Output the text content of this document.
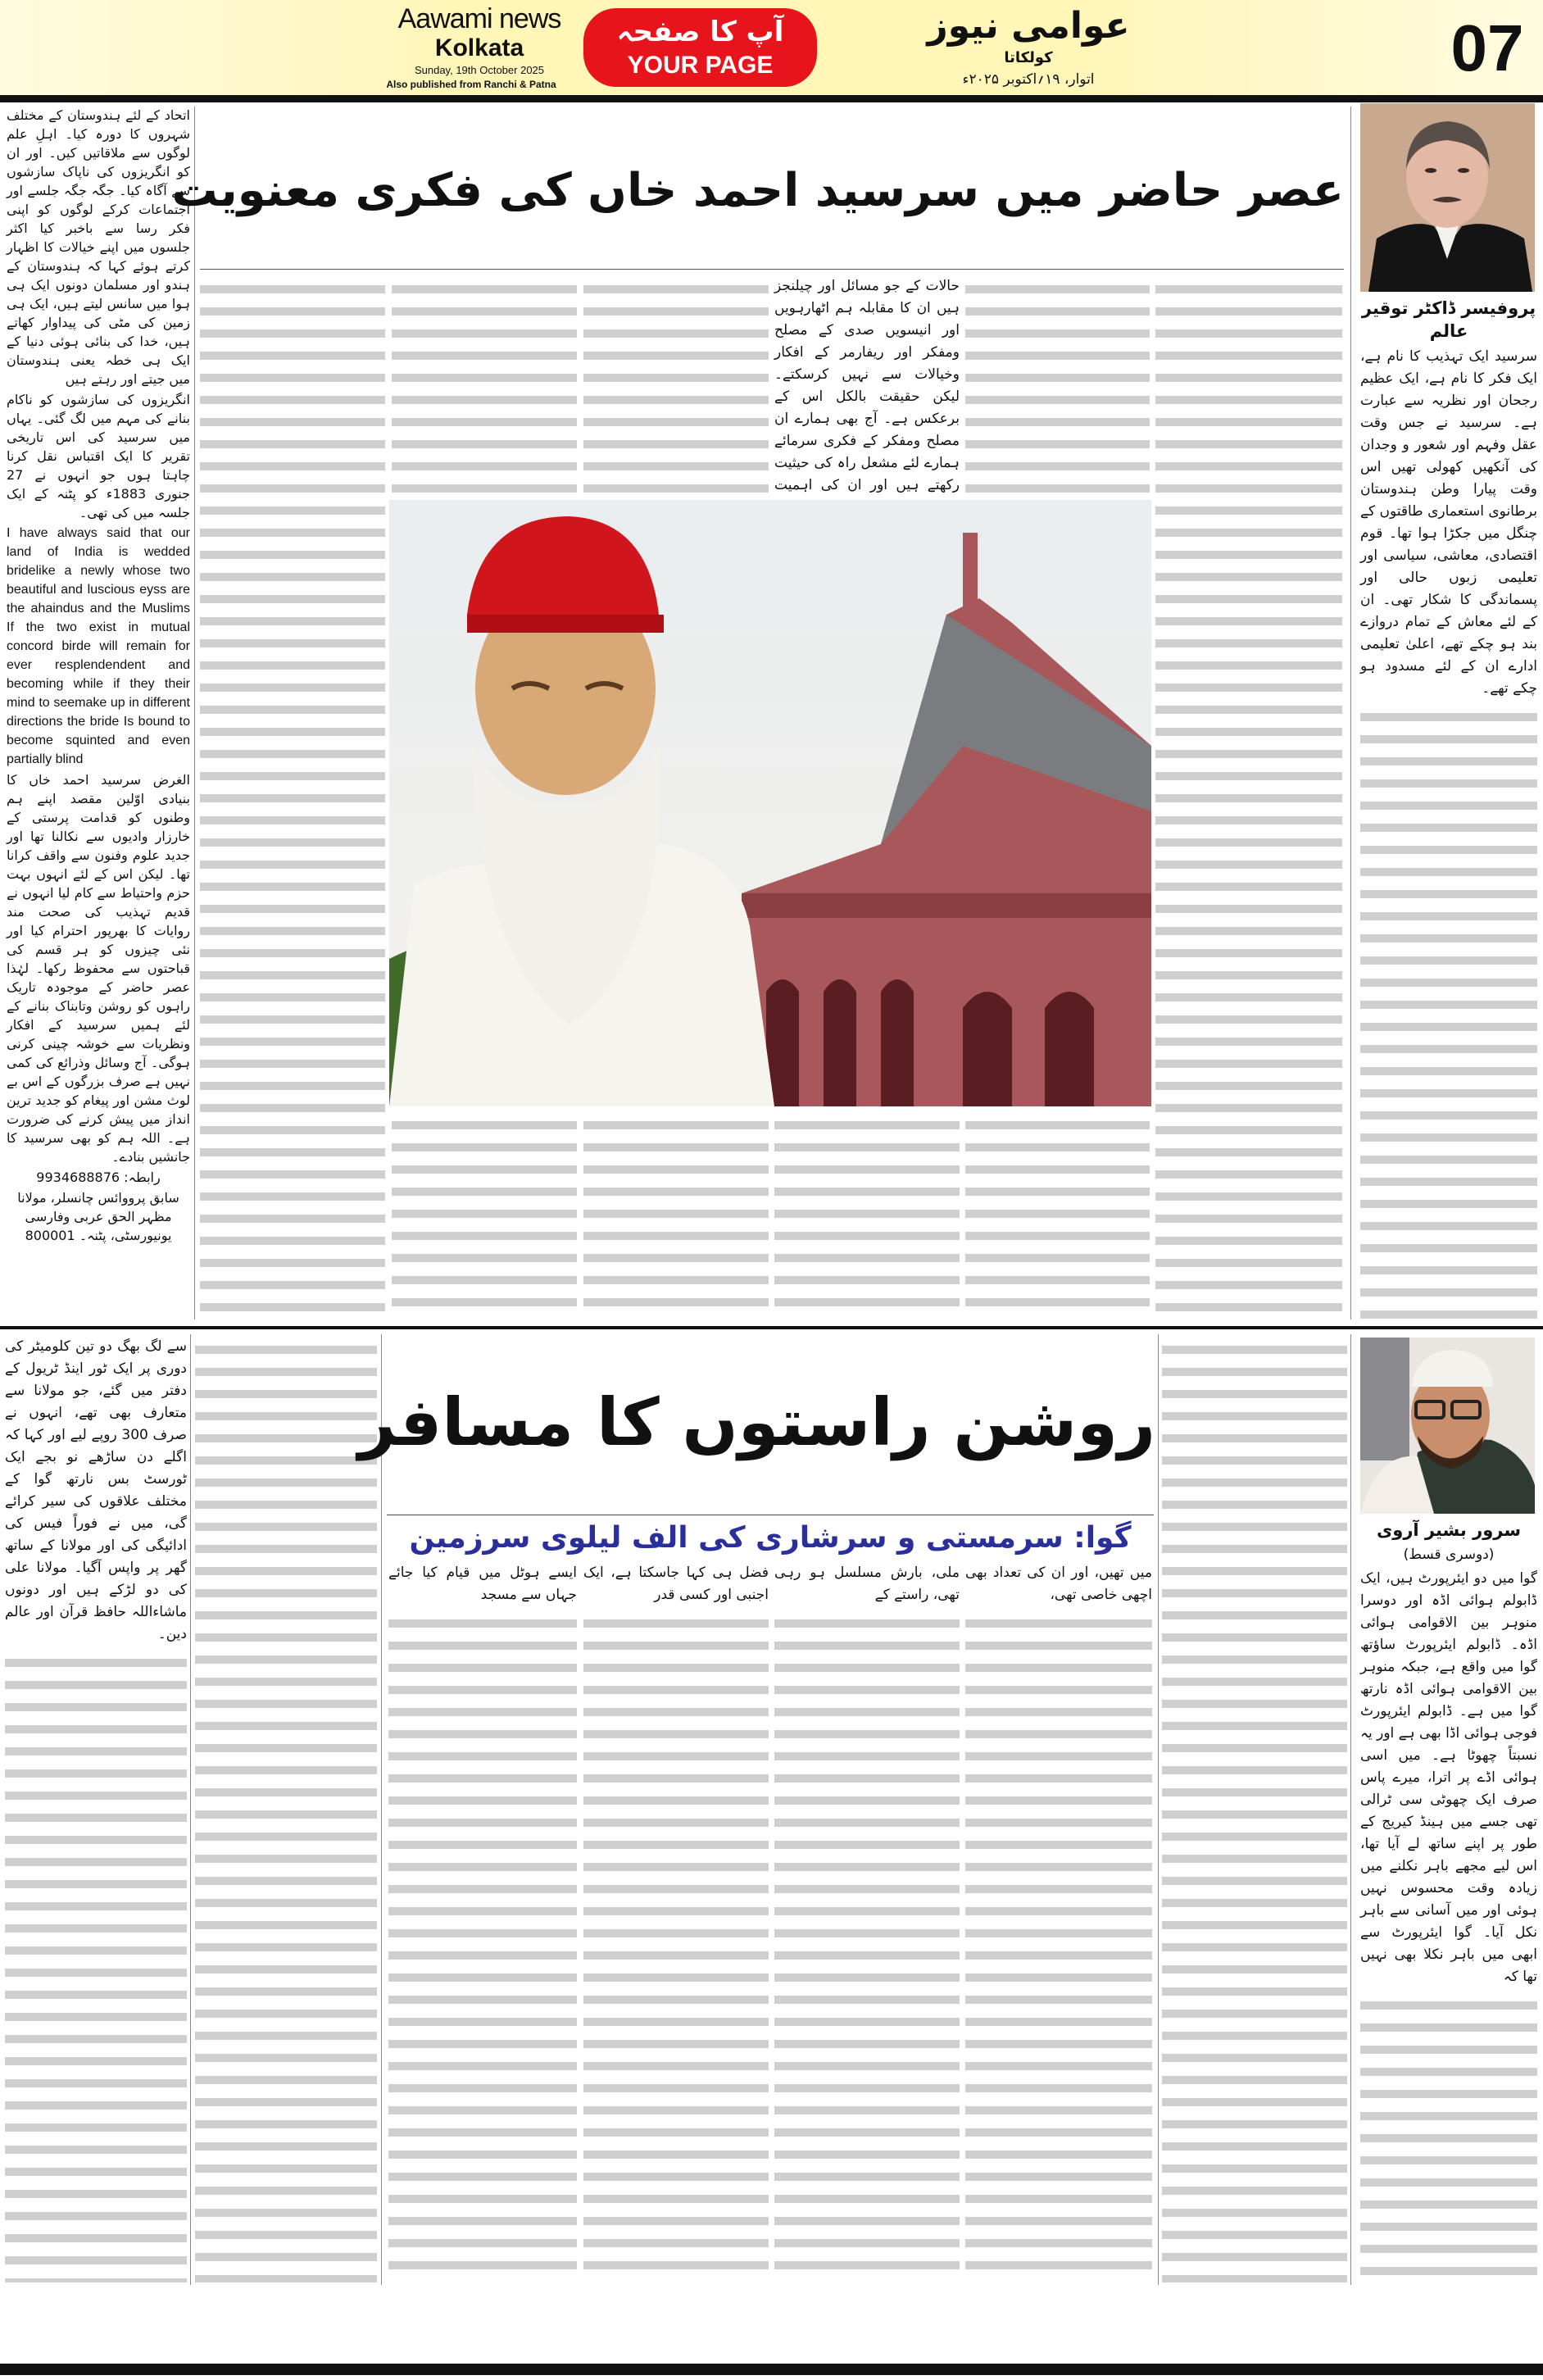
Aawami news
Kolkata
Sunday, 19th October 2025
Also published from Ranchi & Patna
آپ کا صفحہ
YOUR PAGE
عوامی نیوز
کولکاتا
اتوار، ۱۹؍اکتوبر ۲۰۲۵ء	07

اتحاد کے لئے ہندوستان کے مختلف شہروں کا دورہ کیا۔ اہلِ علم لوگوں سے ملاقاتیں کیں۔ اور ان کو انگریزوں کی ناپاک سازشوں سے آگاہ کیا۔ جگہ جگہ جلسے اور اجتماعات کرکے لوگوں کو اپنی فکر رسا سے باخبر کیا اکثر جلسوں میں اپنے خیالات کا اظہار کرتے ہوئے کہا کہ ہندوستان کے ہندو اور مسلمان دونوں ایک ہی ہوا میں سانس لیتے ہیں، ایک ہی زمین کی مٹی کی پیداوار کھاتے ہیں، خدا کی بنائی ہوئی دنیا کے ایک ہی خطہ یعنی ہندوستان میں جیتے اور رہتے ہیں

انگریزوں کی سازشوں کو ناکام بنانے کی مہم میں لگ گئی۔ یہاں میں سرسید کی اس تاریخی تقریر کا ایک اقتباس نقل کرنا چاہتا ہوں جو انہوں نے 27 جنوری 1883ء کو پٹنہ کے ایک جلسہ میں کی تھی۔

I have always said that our land of India is wedded bridelike a newly whose two beautiful and luscious eyss are the ahaindus and the Muslims If the two exist in mutual concord birde will remain for ever resplendendent and becoming while if they their mind to seemake up in different directions the bride Is bound to become squinted and even partially blind

الغرض سرسید احمد خاں کا بنیادی اوّلین مقصد اپنے ہم وطنوں کو قدامت پرستی کے خارزار وادیوں سے نکالنا تھا اور جدید علوم وفنون سے واقف کرانا تھا۔ لیکن اس کے لئے انہوں بہت حزم واحتیاط سے کام لیا انہوں نے قدیم تہذیب کی صحت مند روایات کا بھرپور احترام کیا اور نئی چیزوں کو ہر قسم کی قباحتوں سے محفوظ رکھا۔ لہٰذا عصر حاضر کے موجودہ تاریک راہوں کو روشن وتابناک بنانے کے لئے ہمیں سرسید کے افکار ونظریات سے خوشہ چینی کرنی ہوگی۔ آج وسائل وذرائع کی کمی نہیں ہے صرف بزرگوں کے اس بے لوث مشن اور پیغام کو جدید ترین انداز میں پیش کرنے کی ضرورت ہے۔ اللہ ہم کو بھی سرسید کا جانشیں بنادے۔

رابطہ: 9934688876

سابق پرووائس چانسلر، مولانا مظہر الحق عربی وفارسی یونیورسٹی، پٹنہ۔ 800001

عصر حاضر میں سرسید احمد خاں کی فکری معنویت
پروفیسر ڈاکٹر توقیر عالم

سرسید ایک تہذیب کا نام ہے، ایک فکر کا نام ہے، ایک عظیم رجحان اور نظریہ سے عبارت ہے۔ سرسید نے جس وقت عقل وفہم اور شعور و وجدان کی آنکھیں کھولی تھیں اس وقت پیارا وطن ہندوستان برطانوی استعماری طاقتوں کے چنگل میں جکڑا ہوا تھا۔ قوم اقتصادی، معاشی، سیاسی اور تعلیمی زبوں حالی اور پسماندگی کا شکار تھی۔ ان کے لئے معاش کے تمام دروازے بند ہو چکے تھے، اعلیٰ تعلیمی ادارے ان کے لئے مسدود ہو چکے تھے۔

حالات کے جو مسائل اور چیلنجز ہیں ان کا مقابلہ ہم اٹھارہویں اور انیسویں صدی کے مصلح ومفکر اور ریفارمر کے افکار وخیالات سے نہیں کرسکتے۔ لیکن حقیقت بالکل اس کے برعکس ہے۔ آج بھی ہمارے ان مصلح ومفکر کے فکری سرمائے ہمارے لئے مشعل راہ کی حیثیت رکھتے ہیں اور ان کی اہمیت

سے لگ بھگ دو تین کلومیٹر کی دوری پر ایک ٹور اینڈ ٹریول کے دفتر میں گئے، جو مولانا سے متعارف بھی تھے، انہوں نے صرف 300 روپے لیے اور کہا کہ اگلے دن ساڑھے نو بجے ایک ٹورسٹ بس نارتھ گوا کے مختلف علاقوں کی سیر کرائے گی، میں نے فوراً فیس کی ادائیگی کی اور مولانا کے ساتھ گھر پر واپس آگیا۔ مولانا علی کی دو لڑکے ہیں اور دونوں ماشاءاللہ حافظ قرآن اور عالم دین۔

روشن راستوں کا مسافر
گوا: سرمستی و سرشاری کی الف لیلوی سرزمین

میں تھیں، اور ان کی تعداد بھی اچھی خاصی تھی،

ملی، بارش مسلسل ہو رہی تھی، راستے کے

فضل ہی کہا جاسکتا ہے، ایک اجنبی اور کسی قدر

ایسے ہوٹل میں قیام کیا جائے جہاں سے مسجد

سرور بشیر آروی
(دوسری قسط)

گوا میں دو ایئرپورٹ ہیں، ایک ڈابولم ہوائی اڈہ اور دوسرا منوہر بین الاقوامی ہوائی اڈہ۔ ڈابولم ایئرپورٹ ساؤتھ گوا میں واقع ہے، جبکہ منوہر بین الاقوامی ہوائی اڈہ نارتھ گوا میں ہے۔ ڈابولم ایئرپورٹ فوجی ہوائی اڈا بھی ہے اور یہ نسبتاً چھوٹا ہے۔ میں اسی ہوائی اڈے پر اترا، میرے پاس صرف ایک چھوٹی سی ٹرالی تھی جسے میں ہینڈ کیریج کے طور پر اپنے ساتھ لے آیا تھا، اس لیے مجھے باہر نکلنے میں زیادہ وقت محسوس نہیں ہوئی اور میں آسانی سے باہر نکل آیا۔ گوا ایئرپورٹ سے ابھی میں باہر نکلا بھی نہیں تھا کہ
